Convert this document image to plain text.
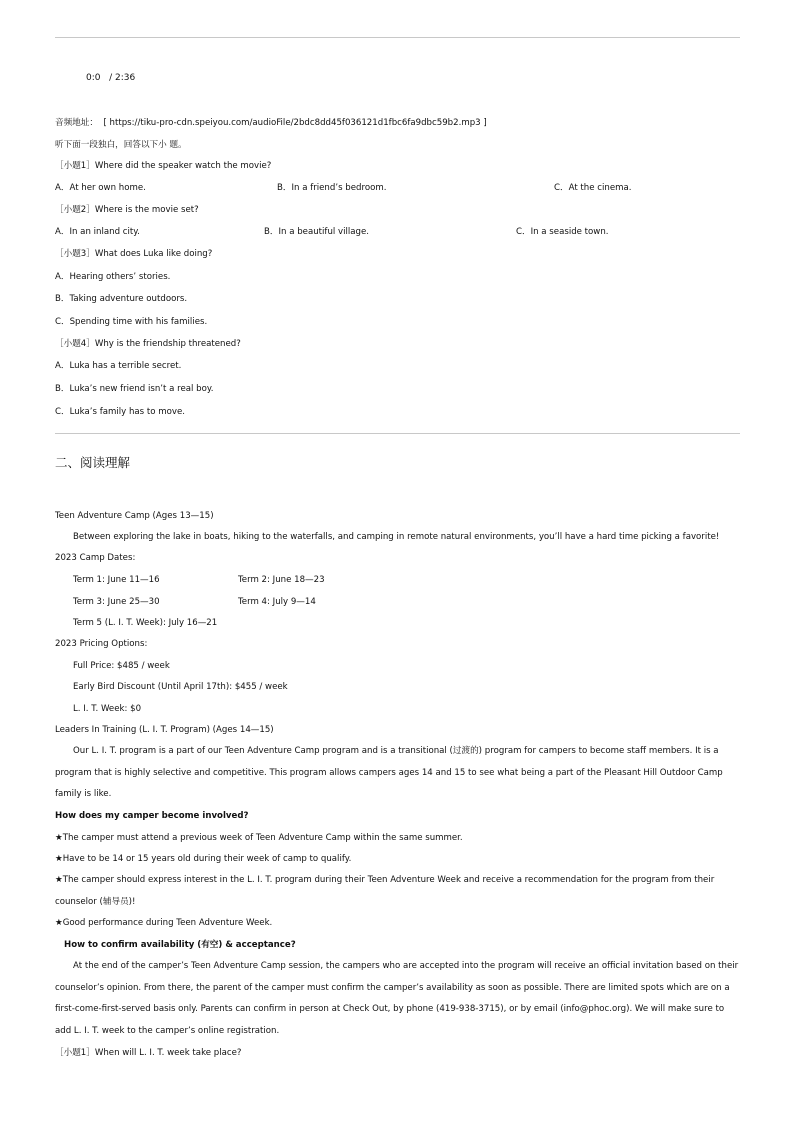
0:0 / 2:36
音频地址： [ https://tiku-pro-cdn.speiyou.com/audioFile/2bdc8dd45f036121d1fbc6fa9dbc59b2.mp3 ]
听下面一段独白，回答以下小 题。
［小题1］Where did the speaker watch the movie?
A．At her own home.	B．In a friend’s bedroom.	C．At the cinema.
［小题2］Where is the movie set?
A．In an inland city.	B．In a beautiful village.	C．In a seaside town.
［小题3］What does Luka like doing?
A．Hearing others’ stories.
B．Taking adventure outdoors.
C．Spending time with his families.
［小题4］Why is the friendship threatened?
A．Luka has a terrible secret.
B．Luka’s new friend isn’t a real boy.
C．Luka’s family has to move.
二、阅读理解
Teen Adventure Camp (Ages 13—15)
Between exploring the lake in boats, hiking to the waterfalls, and camping in remote natural environments, you’ll have a hard time picking a favorite!
2023 Camp Dates:
Term 1: June 11—16	Term 2: June 18—23
Term 3: June 25—30	Term 4: July 9—14
Term 5 (L. I. T. Week): July 16—21
2023 Pricing Options:
Full Price: $485 / week
Early Bird Discount (Until April 17th): $455 / week
L. I. T. Week: $0
Leaders In Training (L. I. T. Program) (Ages 14—15)
Our L. I. T. program is a part of our Teen Adventure Camp program and is a transitional (过渡的) program for campers to become staff members. It is a program that is highly selective and competitive. This program allows campers ages 14 and 15 to see what being a part of the Pleasant Hill Outdoor Camp family is like.
How does my camper become involved?
★The camper must attend a previous week of Teen Adventure Camp within the same summer.
★Have to be 14 or 15 years old during their week of camp to qualify.
★The camper should express interest in the L. I. T. program during their Teen Adventure Week and receive a recommendation for the program from their counselor (辅导员)!
★Good performance during Teen Adventure Week.
How to confirm availability (有空) & acceptance?
At the end of the camper’s Teen Adventure Camp session, the campers who are accepted into the program will receive an official invitation based on their counselor’s opinion. From there, the parent of the camper must confirm the camper’s availability as soon as possible. There are limited spots which are on a first-come-first-served basis only. Parents can confirm in person at Check Out, by phone (419-938-3715), or by email (info@phoc.org). We will make sure to add L. I. T. week to the camper’s online registration.
［小题1］When will L. I. T. week take place?
